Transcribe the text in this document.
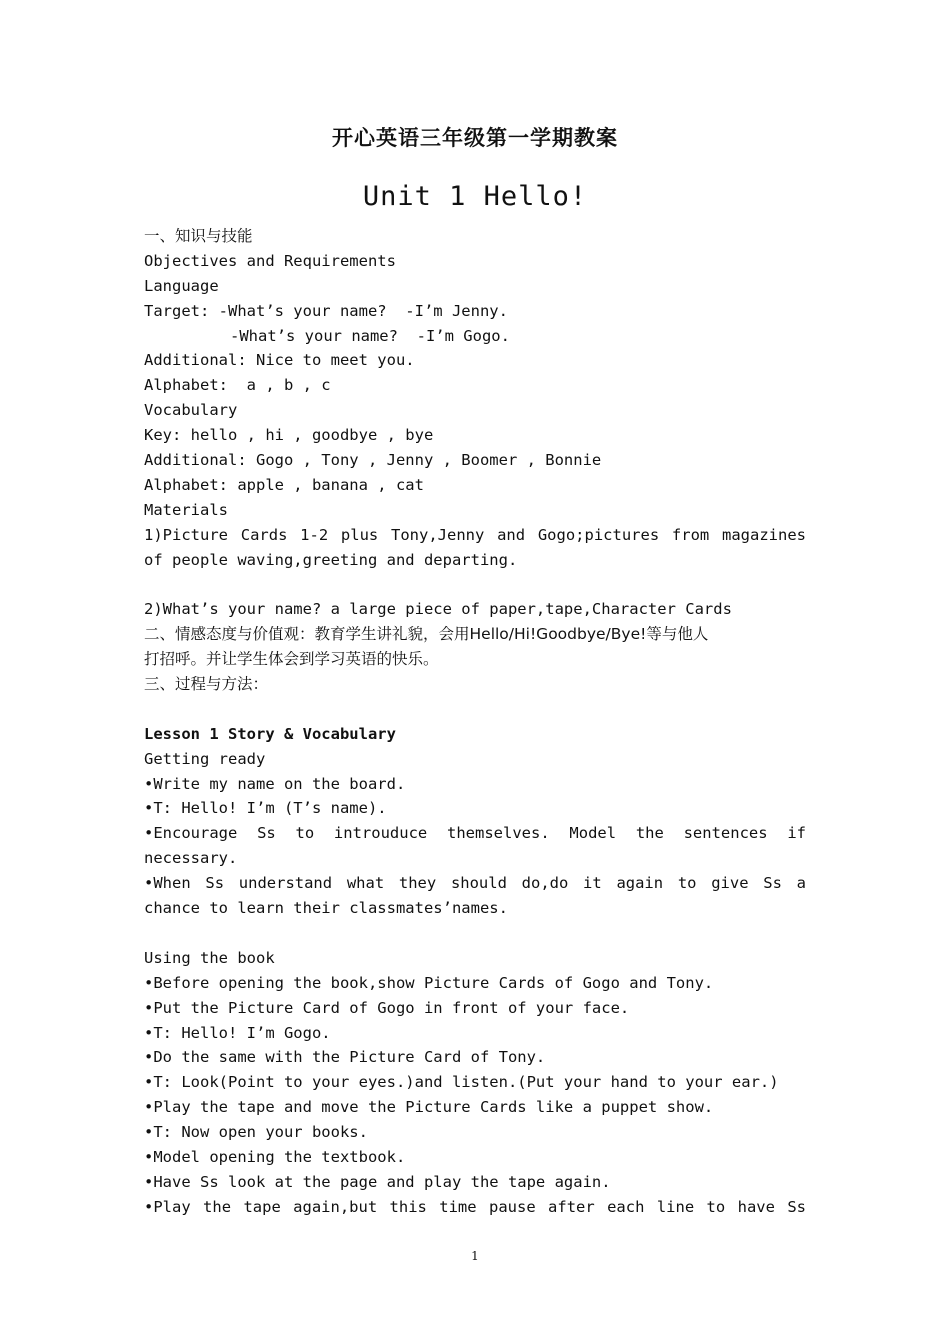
开心英语三年级第一学期教案
Unit 1 Hello!
一、知识与技能
Objectives and Requirements
Language
Target: -What’s your name?  -I’m Jenny.
-What’s your name?  -I’m Gogo.
Additional: Nice to meet you.
Alphabet:  a , b , c
Vocabulary
Key: hello , hi , goodbye , bye
Additional: Gogo , Tony , Jenny , Boomer , Bonnie
Alphabet: apple , banana , cat
Materials
1)Picture Cards 1-2 plus Tony,Jenny and Gogo;pictures from magazines
of people waving,greeting and departing.
2)What’s your name? a large piece of paper,tape,Character Cards
二、情感态度与价值观：教育学生讲礼貌，会用Hello/Hi!Goodbye/Bye!等与他人
打招呼。并让学生体会到学习英语的快乐。
三、过程与方法：
Lesson 1 Story & Vocabulary
Getting ready
•Write my name on the board.
•T: Hello! I’m (T’s name).
•Encourage Ss to introuduce themselves. Model the sentences if
necessary.
•When Ss understand what they should do,do it again to give Ss a
chance to learn their classmates’names.
Using the book
•Before opening the book,show Picture Cards of Gogo and Tony.
•Put the Picture Card of Gogo in front of your face.
•T: Hello! I’m Gogo.
•Do the same with the Picture Card of Tony.
•T: Look(Point to your eyes.)and listen.(Put your hand to your ear.)
•Play the tape and move the Picture Cards like a puppet show.
•T: Now open your books.
•Model opening the textbook.
•Have Ss look at the page and play the tape again.
•Play the tape again,but this time pause after each line to have Ss
1
